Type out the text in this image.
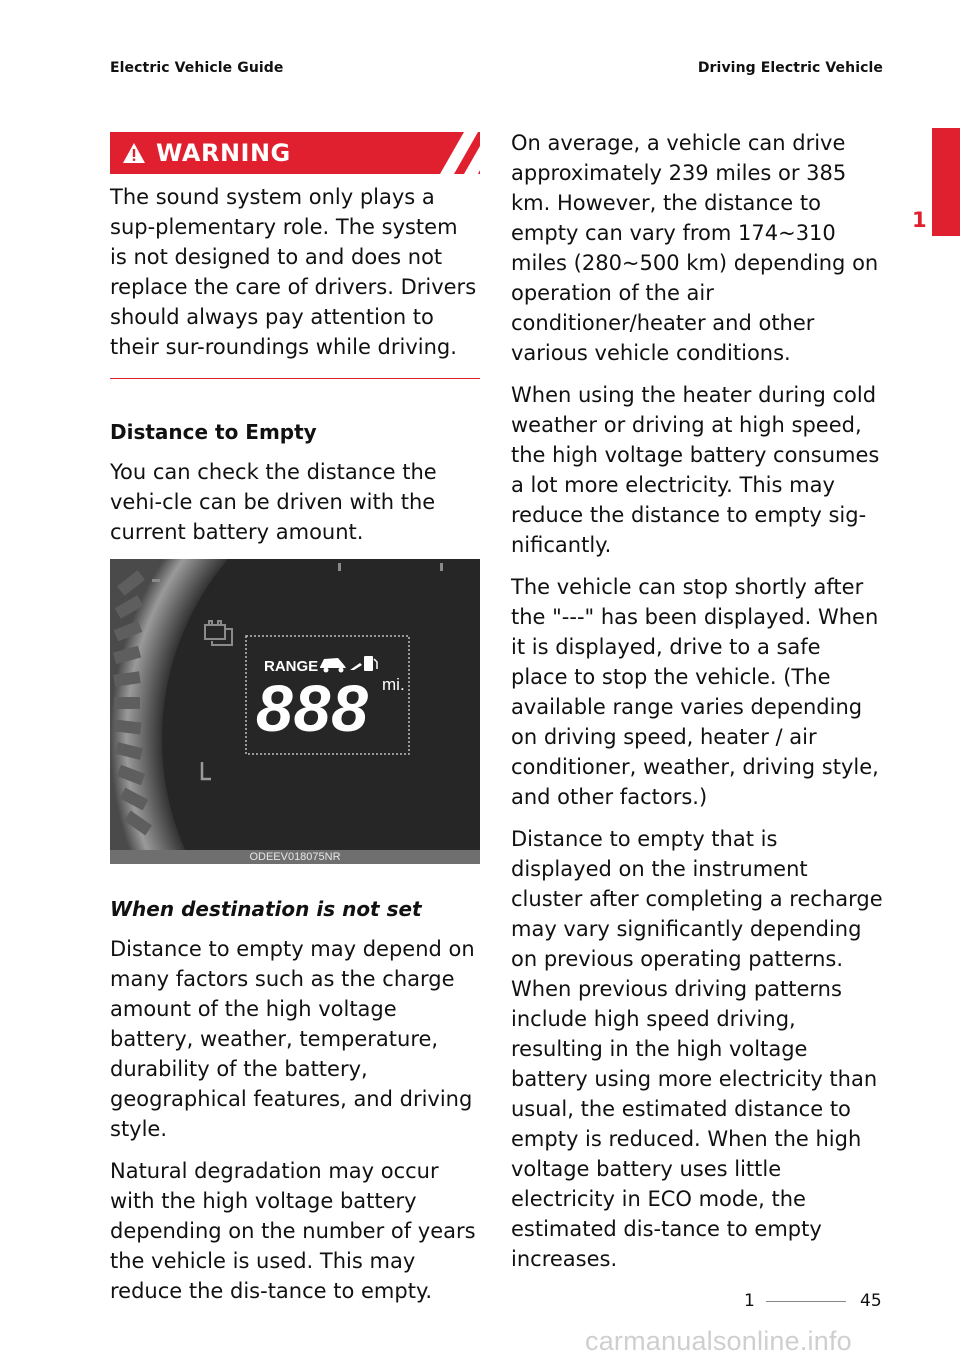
Electric Vehicle Guide	Driving Electric Vehicle
1
WARNING

The sound system only plays a sup-plementary role. The system is not designed to and does not replace the care of drivers. Drivers should always pay attention to their sur-roundings while driving.

Distance to Empty

You can check the distance the vehi-cle can be driven with the current battery amount.

RANGE
888 mi.
ODEEV018075NR

When destination is not set

Distance to empty may depend on many factors such as the charge amount of the high voltage battery, weather, temperature, durability of the battery, geographical features, and driving style.

Natural degradation may occur with the high voltage battery depending on the number of years the vehicle is used. This may reduce the dis-tance to empty.

On average, a vehicle can drive approximately 239 miles or 385 km. However, the distance to empty can vary from 174~310 miles (280~500 km) depending on operation of the air conditioner/heater and other various vehicle conditions.

When using the heater during cold weather or driving at high speed, the high voltage battery consumes a lot more electricity. This may reduce the distance to empty sig-nificantly.

The vehicle can stop shortly after the "---" has been displayed. When it is displayed, drive to a safe place to stop the vehicle. (The available range varies depending on driving speed, heater / air conditioner, weather, driving style, and other factors.)

Distance to empty that is displayed on the instrument cluster after completing a recharge may vary significantly depending on previous operating patterns. When previous driving patterns include high speed driving, resulting in the high voltage battery using more electricity than usual, the estimated distance to empty is reduced. When the high voltage battery uses little electricity in ECO mode, the estimated dis-tance to empty increases.

1	45
carmanualsonline.info
